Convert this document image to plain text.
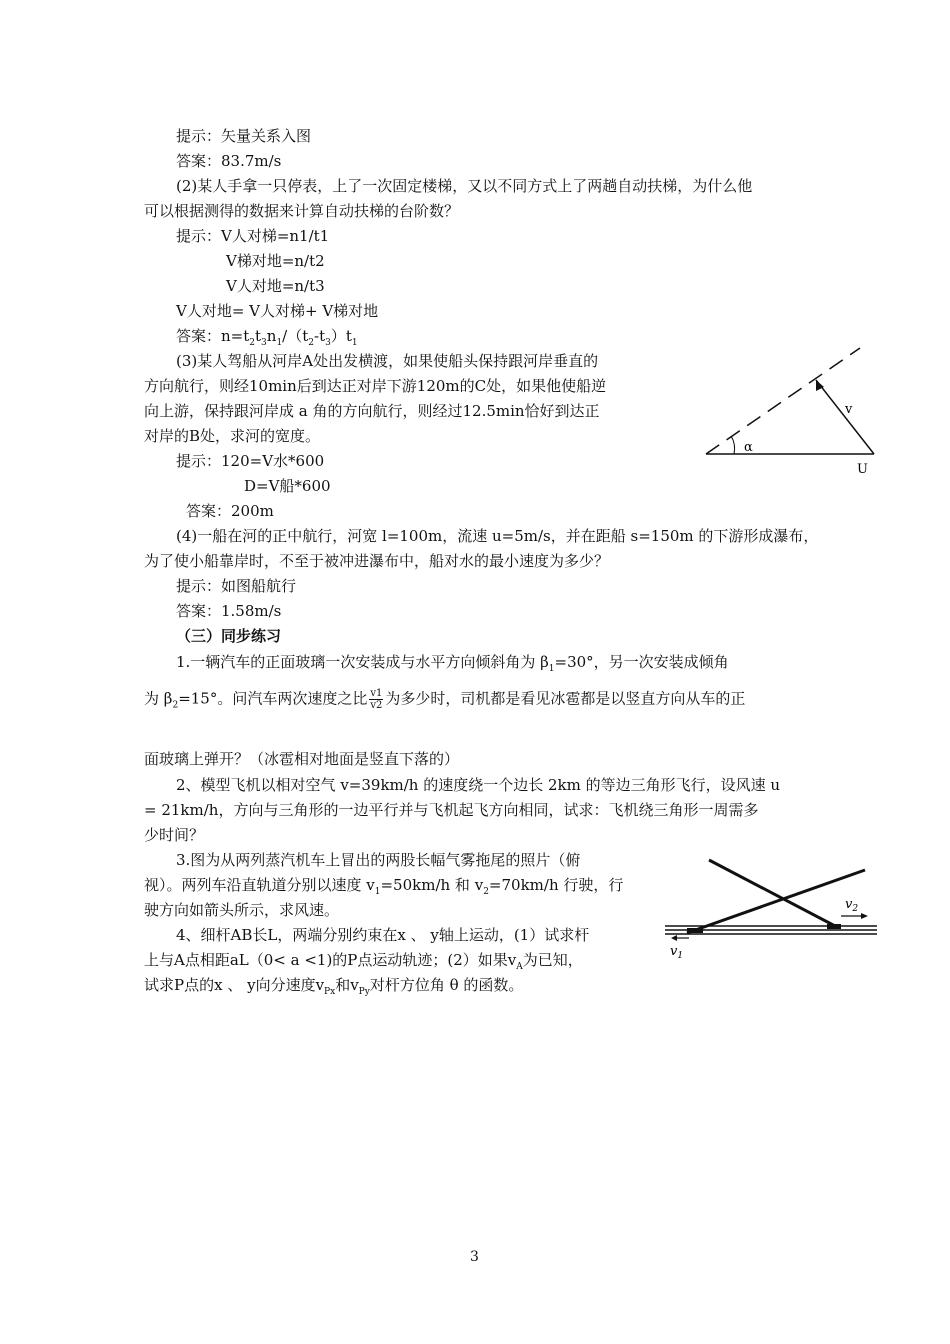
提示：矢量关系入图
答案：83.7m/s
(2)某人手拿一只停表，上了一次固定楼梯，又以不同方式上了两趟自动扶梯，为什么他
可以根据测得的数据来计算自动扶梯的台阶数？
提示：V人对梯=n1/t1
V梯对地=n/t2
V人对地=n/t3
V人对地= V人对梯+ V梯对地
答案：$n=t_2t_3n_1/(t_2-t_3)t_1$
(3)某人驾船从河岸A处出发横渡，如果使船头保持跟河岸垂直的
方向航行，则经10min后到达正对岸下游120m的C处，如果他使船逆
向上游，保持跟河岸成 a 角的方向航行，则经过12.5min恰好到达正
对岸的B处，求河的宽度。
提示：120=V水*600
D=V船*600
答案：200m
(4)一船在河的正中航行，河宽 l=100m，流速 u=5m/s，并在距船 s=150m 的下游形成瀑布，
为了使小船靠岸时，不至于被冲进瀑布中，船对水的最小速度为多少？
提示：如图船航行
答案：1.58m/s
（三）同步练习
1.一辆汽车的正面玻璃一次安装成与水平方向倾斜角为 $\beta_1=30^\circ$，另一次安装成倾角
为 $\beta_2=15^\circ$。问汽车两次速度之比 $\frac{v1}{v2}$ 为多少时，司机都是看见冰雹都是以竖直方向从车的正
面玻璃上弹开？（冰雹相对地面是竖直下落的）
2、模型飞机以相对空气 v=39km/h 的速度绕一个边长 2km 的等边三角形飞行，设风速 u
= 21km/h，方向与三角形的一边平行并与飞机起飞方向相同，试求：飞机绕三角形一周需多
少时间？
3.图为从两列蒸汽机车上冒出的两股长幅气雾拖尾的照片（俯
视）。两列车沿直轨道分别以速度 $v_1=50km/h$ 和 $v_2=70km/h$ 行驶，行
驶方向如箭头所示，求风速。
4、细杆AB长L，两端分别约束在x 、 y轴上运动，(1）试求杆
上与A点相距aL（0< a <1)的P点运动轨迹；(2）如果$v_A$为已知，
试求P点的x 、 y向分速度$v_{Px}$和$v_{Py}$对杆方位角 θ 的函数。
α
v
U
$v_1$
$v_2$
3
